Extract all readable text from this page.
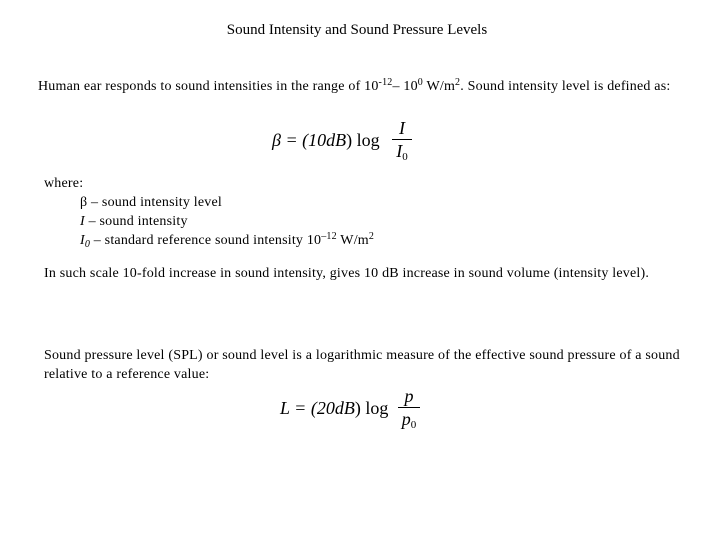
Sound Intensity and Sound Pressure Levels

Human ear responds to sound intensities in the range of $10^{-12}-$ $10^0$ $W/m^2$. Sound intensity level is defined as:

β = (10dB) log
I
$I_0$
where:
β – sound intensity level
I – sound intensity
$I_0$ – standard reference sound intensity $10^{-12}$ $W/m^2$

In such scale 10-fold increase in sound intensity, gives 10 dB increase in sound volume (intensity level).

Sound pressure level (SPL) or sound level is a logarithmic measure of the effective sound pressure of a sound relative to a reference value:

L = (20dB) log
p
$p_0$
